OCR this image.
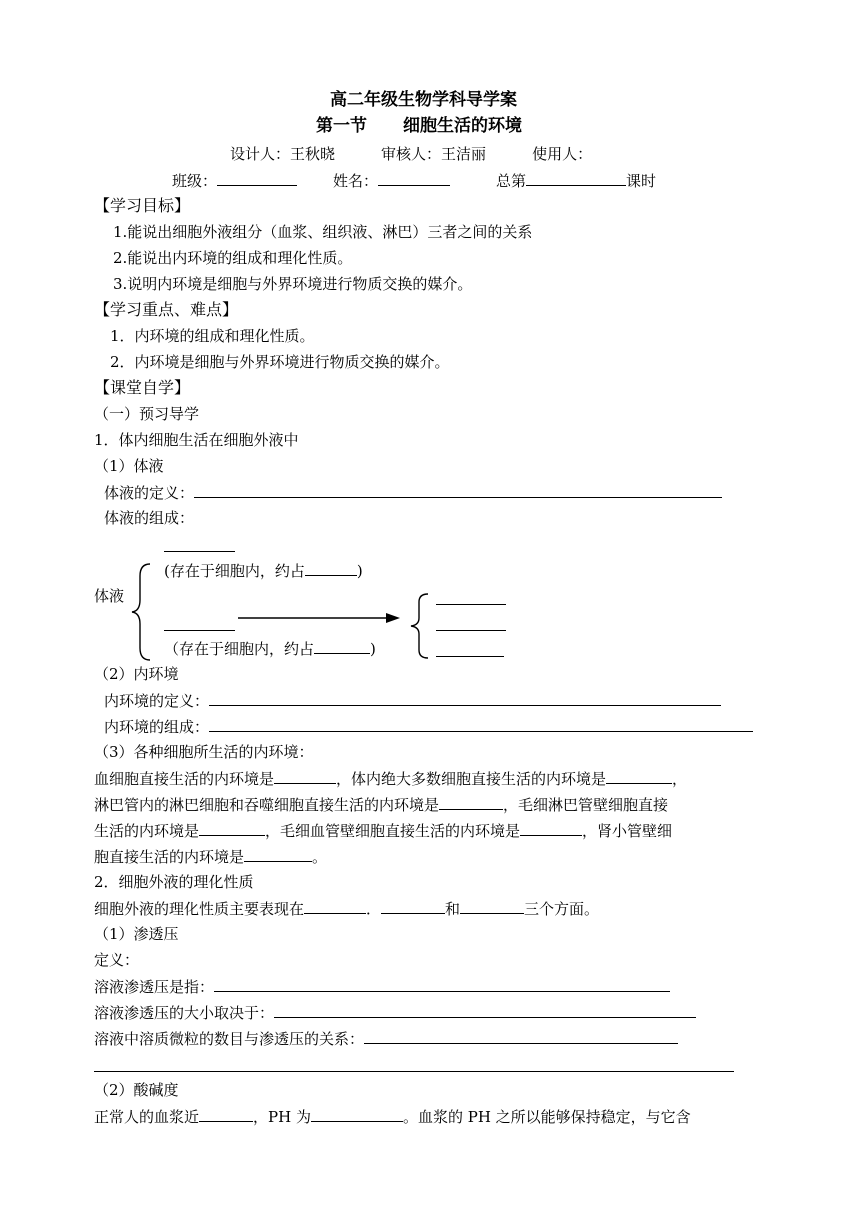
高二年级生物学科导学案
第一节 细胞生活的环境
设计人：王秋晓	审核人：王洁丽	使用人：
班级：	姓名：	总第	课时
【学习目标】
1.能说出细胞外液组分（血浆、组织液、淋巴）三者之间的关系
2.能说出内环境的组成和理化性质。
3.说明内环境是细胞与外界环境进行物质交换的媒介。
【学习重点、难点】
1．内环境的组成和理化性质。
2．内环境是细胞与外界环境进行物质交换的媒介。
【课堂自学】
（一）预习导学
1．体内细胞生活在细胞外液中
（1）体液
体液的定义：
体液的组成：
(存在于细胞内，约占	)
体液
（存在于细胞内，约占	)
（2）内环境
内环境的定义：
内环境的组成：
（3）各种细胞所生活的内环境：
血细胞直接生活的内环境是	，体内绝大多数细胞直接生活的内环境是	，
淋巴管内的淋巴细胞和吞噬细胞直接生活的内环境是	，毛细淋巴管壁细胞直接
生活的内环境是	，毛细血管壁细胞直接生活的内环境是	，肾小管壁细
胞直接生活的内环境是	。
2．细胞外液的理化性质
细胞外液的理化性质主要表现在	．	和	三个方面。
（1）渗透压
定义：
溶液渗透压是指：
溶液渗透压的大小取决于：
溶液中溶质微粒的数目与渗透压的关系：
（2）酸碱度
正常人的血浆近	，PH 为	。血浆的 PH 之所以能够保持稳定，与它含
